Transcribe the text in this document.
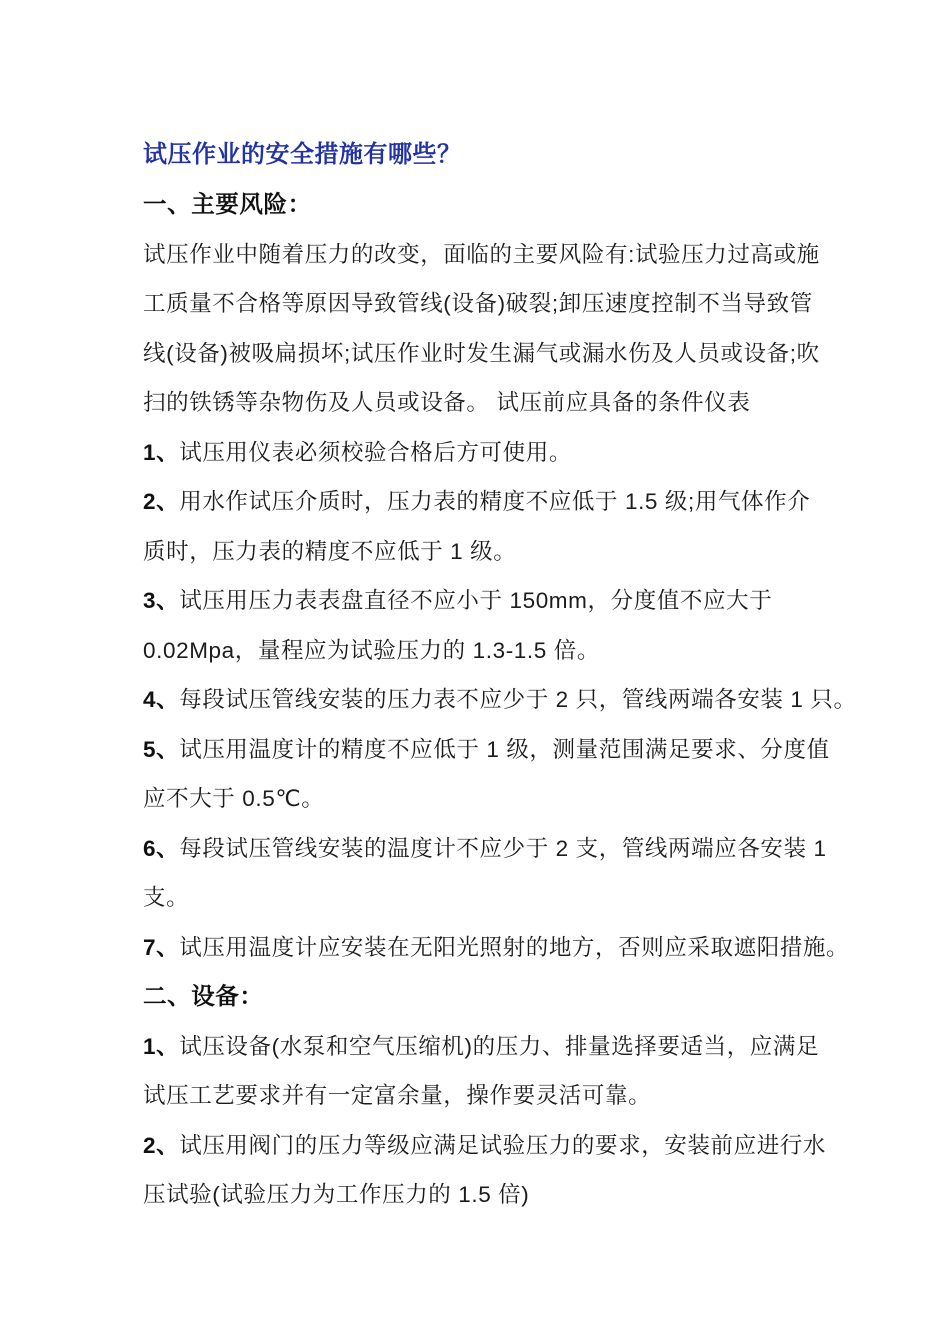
试压作业的安全措施有哪些？
一、主要风险：
试压作业中随着压力的改变，面临的主要风险有:试验压力过高或施
工质量不合格等原因导致管线(设备)破裂;卸压速度控制不当导致管
线(设备)被吸扁损坏;试压作业时发生漏气或漏水伤及人员或设备;吹
扫的铁锈等杂物伤及人员或设备。 试压前应具备的条件仪表
1、试压用仪表必须校验合格后方可使用。
2、用水作试压介质时，压力表的精度不应低于 1.5 级;用气体作介
质时，压力表的精度不应低于 1 级。
3、试压用压力表表盘直径不应小于 150mm，分度值不应大于
0.02Mpa，量程应为试验压力的 1.3-1.5 倍。
4、每段试压管线安装的压力表不应少于 2 只，管线两端各安装 1 只。
5、试压用温度计的精度不应低于 1 级，测量范围满足要求、分度值
应不大于 0.5℃。
6、每段试压管线安装的温度计不应少于 2 支，管线两端应各安装 1
支。
7、试压用温度计应安装在无阳光照射的地方，否则应采取遮阳措施。
二、设备：
1、试压设备(水泵和空气压缩机)的压力、排量选择要适当，应满足
试压工艺要求并有一定富余量，操作要灵活可靠。
2、试压用阀门的压力等级应满足试验压力的要求，安装前应进行水
压试验(试验压力为工作压力的 1.5 倍)
